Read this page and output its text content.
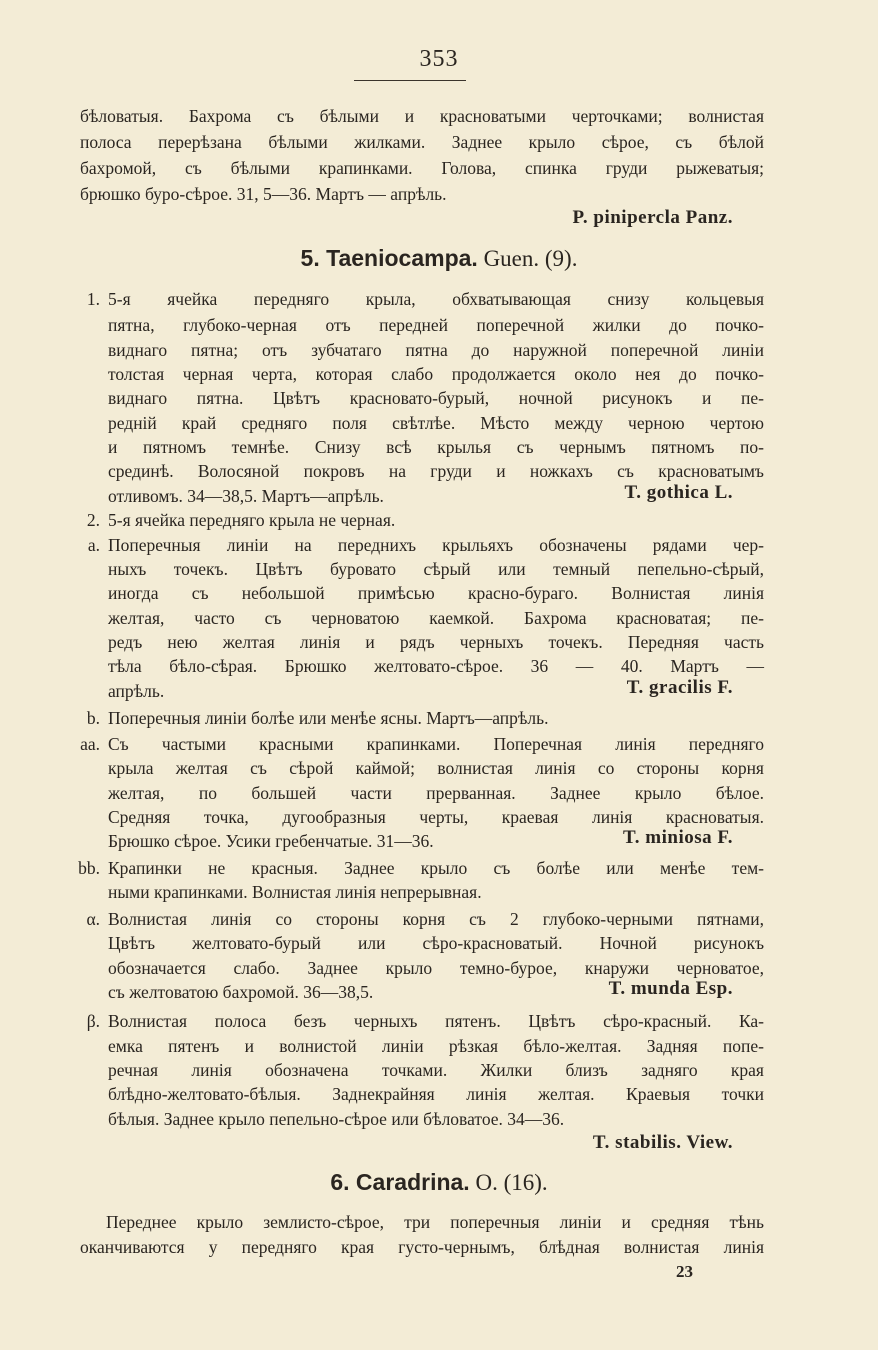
353
бѣловатыя. Бахрома съ бѣлыми и красноватыми черточками; волнистая
полоса перерѣзана бѣлыми жилками. Заднее крыло сѣрое, съ бѣлой
бахромой, съ бѣлыми крапинками. Голова, спинка груди рыжеватыя;
брюшко буро-сѣрое. 31, 5—36. Мартъ — апрѣль.
P. pinipercla Panz.
5. Taeniocampa. Guen. (9).
1. 5-я ячейка передняго крыла, обхватывающая снизу кольцевыя
пятна, глубоко-черная отъ передней поперечной жилки до почко-
виднаго пятна; отъ зубчатаго пятна до наружной поперечной линіи
толстая черная черта, которая слабо продолжается около нея до почко-
виднаго пятна. Цвѣтъ красновато-бурый, ночной рисунокъ и пе-
редній край средняго поля свѣтлѣе. Мѣсто между черною чертою
и пятномъ темнѣе. Снизу всѣ крылья съ чернымъ пятномъ по-
срединѣ. Волосяной покровъ на груди и ножкахъ съ красноватымъ
отливомъ. 34—38,5. Мартъ—апрѣль.	T. gothica L.
2. 5-я ячейка передняго крыла не черная.
a. Поперечныя линіи на переднихъ крыльяхъ обозначены рядами чер-
ныхъ точекъ. Цвѣтъ буровато сѣрый или темный пепельно-сѣрый,
иногда съ небольшой примѣсью красно-бураго. Волнистая линія
желтая, часто съ черноватою каемкой. Бахрома красноватая; пе-
редъ нею желтая линія и рядъ черныхъ точекъ. Передняя часть
тѣла бѣло-сѣрая. Брюшко желтовато-сѣрое. 36 — 40. Мартъ —
апрѣль.	T. gracilis F.
b. Поперечныя линіи болѣе или менѣе ясны. Мартъ—апрѣль.
aa. Съ частыми красными крапинками. Поперечная линія передняго
крыла желтая съ сѣрой каймой; волнистая линія со стороны корня
желтая, по большей части прерванная. Заднее крыло бѣлое.
Средняя точка, дугообразныя черты, краевая линія красноватыя.
Брюшко сѣрое. Усики гребенчатые. 31—36.	T. miniosa F.
bb. Крапинки не красныя. Заднее крыло съ болѣе или менѣе тем-
ными крапинками. Волнистая линія непрерывная.
α. Волнистая линія со стороны корня съ 2 глубоко-черными пятнами,
Цвѣтъ желтовато-бурый или сѣро-красноватый. Ночной рисунокъ
обозначается слабо. Заднее крыло темно-бурое, кнаружи черноватое,
съ желтоватою бахромой. 36—38,5.	T. munda Esp.
β. Волнистая полоса безъ черныхъ пятенъ. Цвѣтъ сѣро-красный. Ка-
емка пятенъ и волнистой линіи рѣзкая бѣло-желтая. Задняя попе-
речная линія обозначена точками. Жилки близъ задняго края
блѣдно-желтовато-бѣлыя. Заднекрайняя линія желтая. Краевыя точки
бѣлыя. Заднее крыло пепельно-сѣрое или бѣловатое. 34—36.
T. stabilis. View.
6. Caradrina. O. (16).
Переднее крыло землисто-сѣрое, три поперечныя линіи и средняя тѣнь
оканчиваются у передняго края густо-чернымъ, блѣдная волнистая линія
23
